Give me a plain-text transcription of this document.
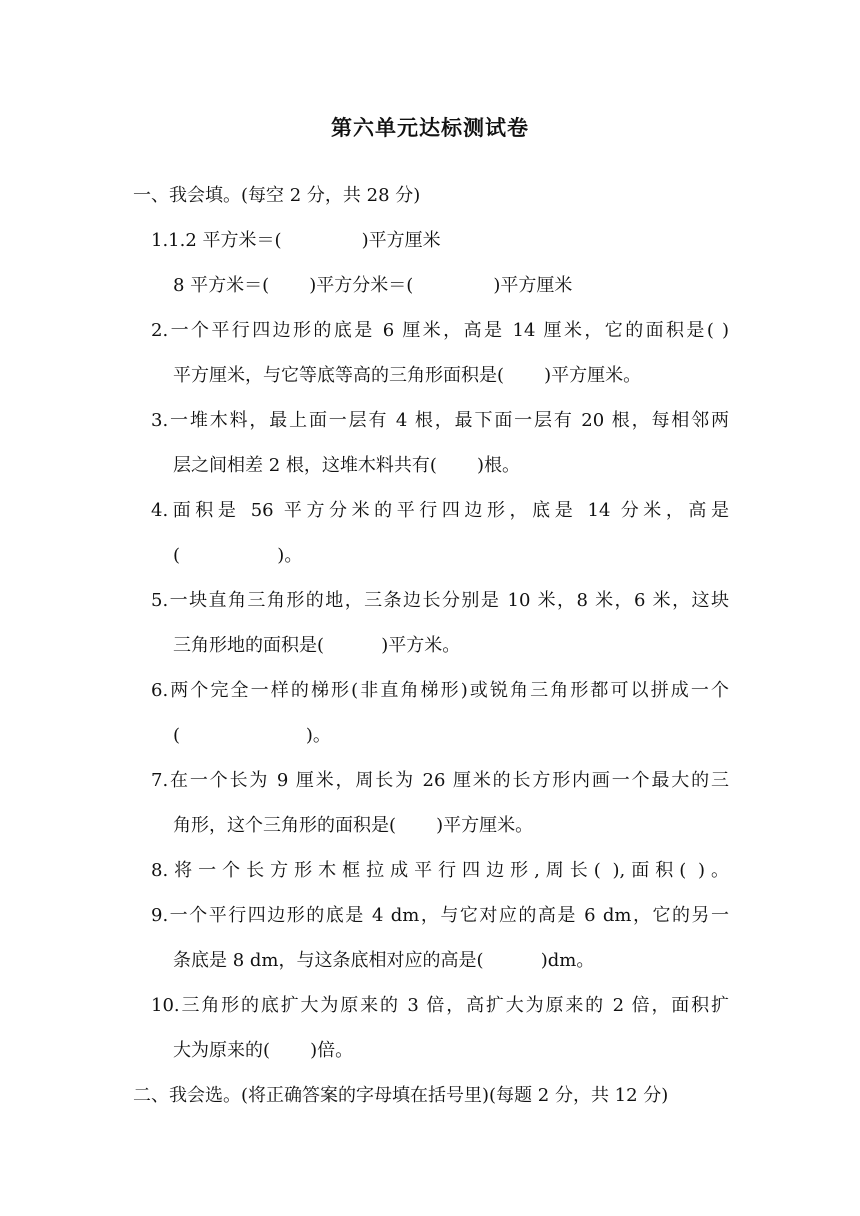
第六单元达标测试卷
一、我会填。(每空 2 分，共 28 分)
1.1.2 平方米＝(              )平方厘米
8 平方米＝(       )平方分米＝(              )平方厘米
2.一个平行四边形的底是 6 厘米，高是 14 厘米，它的面积是( )
平方厘米，与它等底等高的三角形面积是(       )平方厘米。
3.一堆木料，最上面一层有 4 根，最下面一层有 20 根，每相邻两
层之间相差 2 根，这堆木料共有(       )根。
4.面积是 56 平方分米的平行四边形，底是 14 分米，高是
(                 )。
5.一块直角三角形的地，三条边长分别是 10 米，8 米，6 米，这块
三角形地的面积是(          )平方米。
6.两个完全一样的梯形(非直角梯形)或锐角三角形都可以拼成一个
(                      )。
7.在一个长为 9 厘米，周长为 26 厘米的长方形内画一个最大的三
角形，这个三角形的面积是(       )平方厘米。
8.将一个长方形木框拉成平行四边形,周长( ),面积( )。
9.一个平行四边形的底是 4 dm，与它对应的高是 6 dm，它的另一
条底是 8 dm，与这条底相对应的高是(          )dm。
10.三角形的底扩大为原来的 3 倍，高扩大为原来的 2 倍，面积扩
大为原来的(       )倍。
二、我会选。(将正确答案的字母填在括号里)(每题 2 分，共 12 分)
